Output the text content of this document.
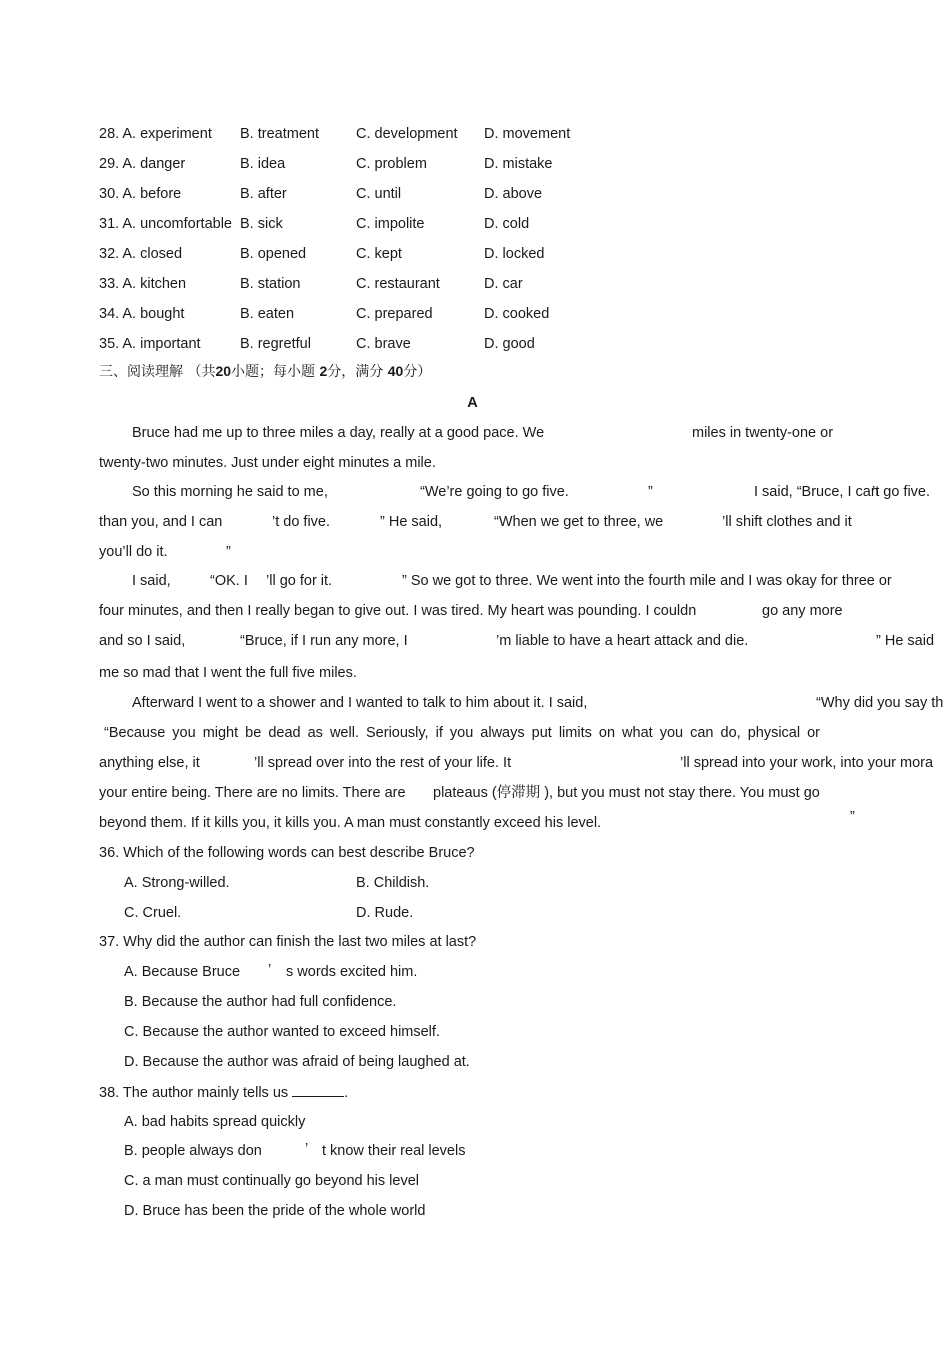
28. A. experiment B. treatment	C. development D. movement
29. A. danger	B. idea	C. problem	D. mistake
30. A. before	B. after	C. until	D. above
31. A. uncomfortable B. sick	C. impolite	D. cold
32. A. closed	B. opened	C. kept	D. locked
33. A. kitchen	B. station	C. restaurant	D. car
34. A. bought	B. eaten	C. prepared	D. cooked
35. A. important	B. regretful	C. brave	D. good
三、阅读理解 （共20小题；每小题 2分，满分 40分）
A
Bruce had me up to three miles a day, really at a good pace. We	miles in twenty-one or
twenty-two minutes. Just under eight minutes a mile.
So this morning he said to me,	“We’re going to go five.	”	I said, “Bruce, I can
’t go five.
than you, and I can	’t do five.	” He said,	“When we get to three, we	’ll shift clothes and it
you’ll do it.	”
I said,	“OK. I ’ll go for it.	” So we got to three. We went into the fourth mile and I was okay for three or
four minutes, and then I really began to give out. I was tired. My heart was pounding. I couldn	go any more
and so I said,	“Bruce, if I run any more, I	’m liable to have a heart attack and die.	” He said
me so mad that I went the full five miles.
Afterward I went to a shower and I wanted to talk to him about it. I said,	“Why did you say th
“Because you might be dead as well. Seriously, if you always put limits on what you can do, physical or
anything else, it	’ll spread over into the rest of your life. It	’ll spread into your work, into your mora
your entire being. There are no limits. There are plateaus (停滞期 ), but you must not stay there. You must go
beyond them. If it kills you, it kills you. A man must constantly exceed his level.	”
36. Which of the following words can best describe Bruce?
A. Strong-willed.	B. Childish.
C. Cruel.	D. Rude.
37. Why did the author can finish the last two miles at last?
A. Because Bruce ’ s words excited him.
B. Because the author had full confidence.
C. Because the author wanted to exceed himself.
D. Because the author was afraid of being laughed at.
38. The author mainly tells us	.
A. bad habits spread quickly
B. people always don	’ t know their real levels
C. a man must continually go beyond his level
D. Bruce has been the pride of the whole world
